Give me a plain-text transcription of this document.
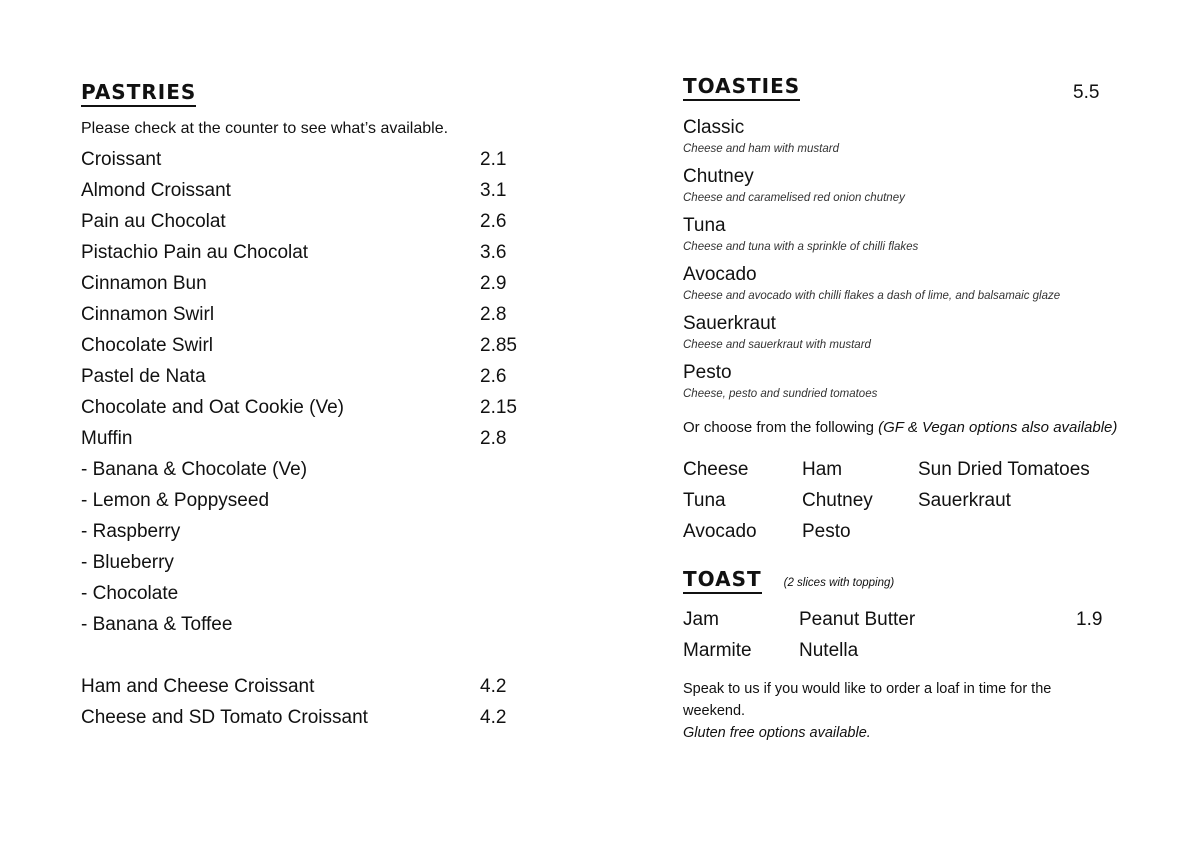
PASTRIES
Please check at the counter to see what’s available.
Croissant	2.1
Almond Croissant	3.1
Pain au Chocolat	2.6
Pistachio Pain au Chocolat	3.6
Cinnamon Bun	2.9
Cinnamon Swirl	2.8
Chocolate Swirl	2.85
Pastel de Nata	2.6
Chocolate and Oat Cookie (Ve)	2.15
Muffin	2.8
- Banana & Chocolate (Ve)
- Lemon & Poppyseed
- Raspberry
- Blueberry
- Chocolate
- Banana & Toffee
Ham and Cheese Croissant	4.2
Cheese and SD Tomato Croissant	4.2
TOASTIES	5.5
Classic
Cheese and ham with mustard
Chutney
Cheese and caramelised red onion chutney
Tuna
Cheese and tuna with a sprinkle of chilli flakes
Avocado
Cheese and avocado with chilli flakes a dash of lime, and balsamaic glaze
Sauerkraut
Cheese and sauerkraut with mustard
Pesto
Cheese, pesto and sundried tomatoes
Or choose from the following (GF & Vegan options also available)
Cheese	Ham	Sun Dried Tomatoes
Tuna	Chutney	Sauerkraut
Avocado	Pesto
TOAST (2 slices with topping)
Jam	Peanut Butter	1.9
Marmite	Nutella
Speak to us if you would like to order a loaf in time for the weekend.
Gluten free options available.
